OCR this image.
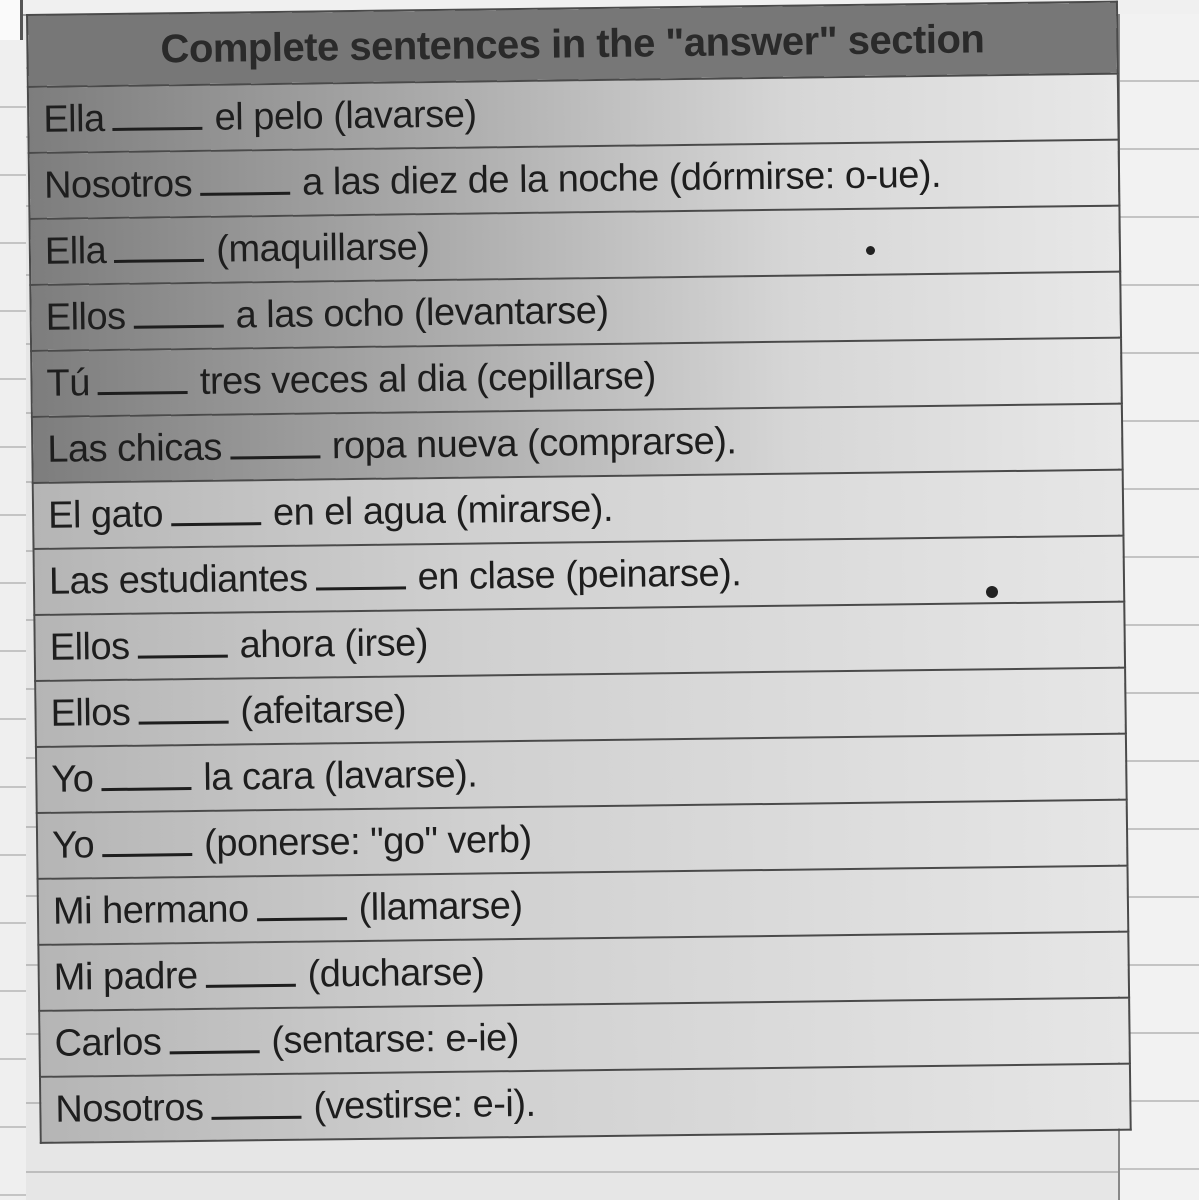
Complete sentences in the "answer" section
Ella	el pelo (lavarse)
Nosotros	a las diez de la noche (dórmirse: o-ue).
Ella	(maquillarse)
Ellos	a las ocho (levantarse)
Tú	tres veces al dia (cepillarse)
Las chicas	ropa nueva (comprarse).
El gato	en el agua (mirarse).
Las estudiantes	en clase (peinarse).
Ellos	ahora (irse)
Ellos	(afeitarse)
Yo	la cara (lavarse).
Yo	(ponerse: "go" verb)
Mi hermano	(llamarse)
Mi padre	(ducharse)
Carlos	(sentarse: e-ie)
Nosotros	(vestirse: e-i).
